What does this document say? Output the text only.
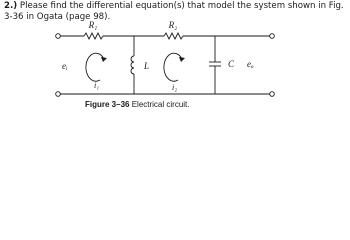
2.) Please find the differential equation(s) that model the system shown in Fig. 3-36 in Ogata (page 98).
R₁	R₂
L	C
eᵢ	eₒ
i₁	i₂
Figure 3–36 Electrical circuit.
